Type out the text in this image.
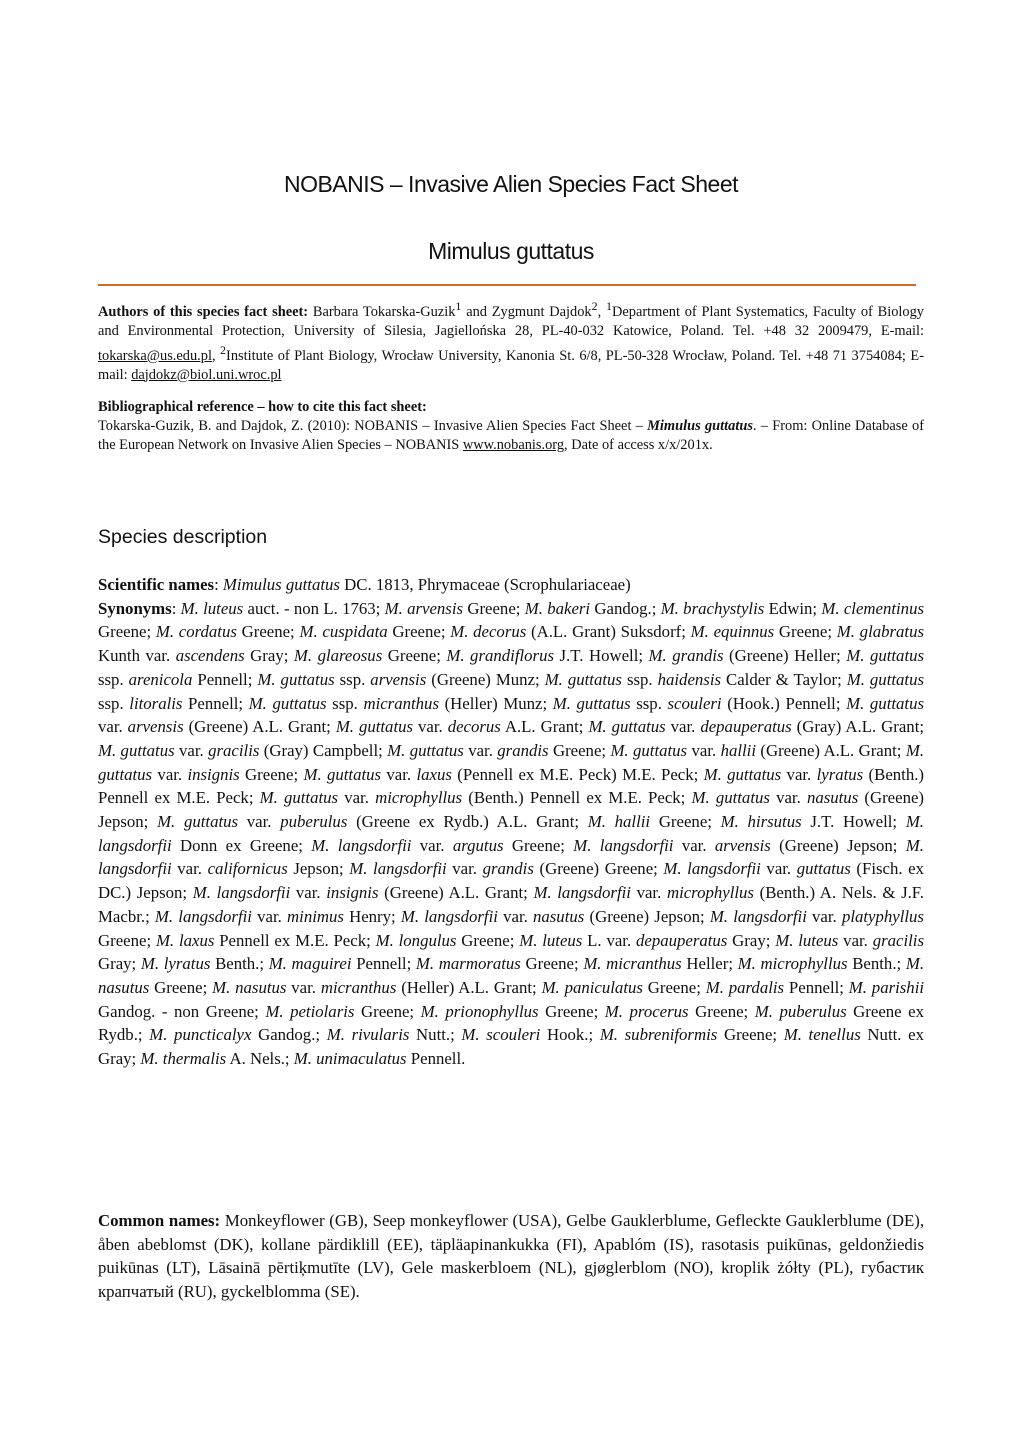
NOBANIS – Invasive Alien Species Fact Sheet
Mimulus guttatus
Authors of this species fact sheet: Barbara Tokarska-Guzik$^1$ and Zygmunt Dajdok$^2$, $^1$Department of Plant Systematics, Faculty of Biology and Environmental Protection, University of Silesia, Jagiellońska 28, PL-40-032 Katowice, Poland. Tel. +48 32 2009479, E-mail: tokarska@us.edu.pl, $^2$Institute of Plant Biology, Wrocław University, Kanonia St. 6/8, PL-50-328 Wrocław, Poland. Tel. +48 71 3754084; E-mail: dajdokz@biol.uni.wroc.pl
Bibliographical reference – how to cite this fact sheet:
Tokarska-Guzik, B. and Dajdok, Z. (2010): NOBANIS – Invasive Alien Species Fact Sheet – Mimulus guttatus. – From: Online Database of the European Network on Invasive Alien Species – NOBANIS www.nobanis.org, Date of access x/x/201x.
Species description
Scientific names: Mimulus guttatus DC. 1813, Phrymaceae (Scrophulariaceae)
Synonyms: M. luteus auct. - non L. 1763; M. arvensis Greene; M. bakeri Gandog.; M. brachystylis Edwin; M. clementinus Greene; M. cordatus Greene; M. cuspidata Greene; M. decorus (A.L. Grant) Suksdorf; M. equinnus Greene; M. glabratus Kunth var. ascendens Gray; M. glareosus Greene; M. grandiflorus J.T. Howell; M. grandis (Greene) Heller; M. guttatus ssp. arenicola Pennell; M. guttatus ssp. arvensis (Greene) Munz; M. guttatus ssp. haidensis Calder & Taylor; M. guttatus ssp. litoralis Pennell; M. guttatus ssp. micranthus (Heller) Munz; M. guttatus ssp. scouleri (Hook.) Pennell; M. guttatus var. arvensis (Greene) A.L. Grant; M. guttatus var. decorus A.L. Grant; M. guttatus var. depauperatus (Gray) A.L. Grant; M. guttatus var. gracilis (Gray) Campbell; M. guttatus var. grandis Greene; M. guttatus var. hallii (Greene) A.L. Grant; M. guttatus var. insignis Greene; M. guttatus var. laxus (Pennell ex M.E. Peck) M.E. Peck; M. guttatus var. lyratus (Benth.) Pennell ex M.E. Peck; M. guttatus var. microphyllus (Benth.) Pennell ex M.E. Peck; M. guttatus var. nasutus (Greene) Jepson; M. guttatus var. puberulus (Greene ex Rydb.) A.L. Grant; M. hallii Greene; M. hirsutus J.T. Howell; M. langsdorfii Donn ex Greene; M. langsdorfii var. argutus Greene; M. langsdorfii var. arvensis (Greene) Jepson; M. langsdorfii var. californicus Jepson; M. langsdorfii var. grandis (Greene) Greene; M. langsdorfii var. guttatus (Fisch. ex DC.) Jepson; M. langsdorfii var. insignis (Greene) A.L. Grant; M. langsdorfii var. microphyllus (Benth.) A. Nels. & J.F. Macbr.; M. langsdorfii var. minimus Henry; M. langsdorfii var. nasutus (Greene) Jepson; M. langsdorfii var. platyphyllus Greene; M. laxus Pennell ex M.E. Peck; M. longulus Greene; M. luteus L. var. depauperatus Gray; M. luteus var. gracilis Gray; M. lyratus Benth.; M. maguirei Pennell; M. marmoratus Greene; M. micranthus Heller; M. microphyllus Benth.; M. nasutus Greene; M. nasutus var. micranthus (Heller) A.L. Grant; M. paniculatus Greene; M. pardalis Pennell; M. parishii Gandog. - non Greene; M. petiolaris Greene; M. prionophyllus Greene; M. procerus Greene; M. puberulus Greene ex Rydb.; M. puncticalyx Gandog.; M. rivularis Nutt.; M. scouleri Hook.; M. subreniformis Greene; M. tenellus Nutt. ex Gray; M. thermalis A. Nels.; M. unimaculatus Pennell.
Common names: Monkeyflower (GB), Seep monkeyflower (USA), Gelbe Gauklerblume, Gefleckte Gauklerblume (DE), åben abeblomst (DK), kollane pärdiklill (EE), täpläapinankukka (FI), Apablóm (IS), rasotasis puikūnas, geldonžiedis puikūnas (LT), Lāsainā pērtiķmutīte (LV), Gele maskerbloem (NL), gjøglerblom (NO), kroplik żółty (PL), губастик крапчатый (RU), gyckelblomma (SE).
